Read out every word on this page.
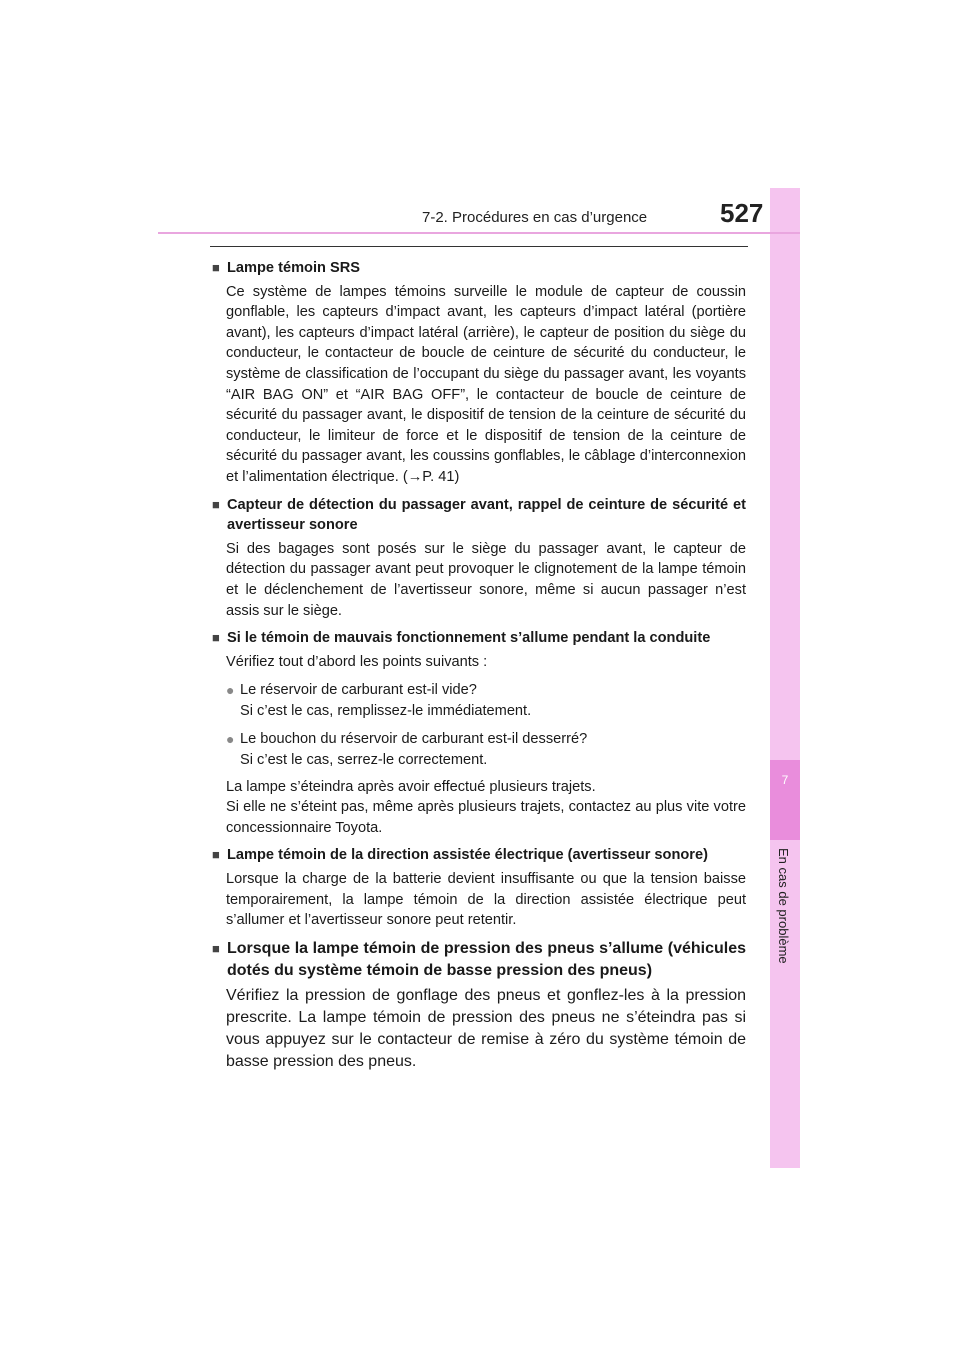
7
En cas de problème
7-2. Procédures en cas d’urgence	527
■ Lampe témoin SRS
Ce système de lampes témoins surveille le module de capteur de coussin gonflable, les capteurs d’impact avant, les capteurs d’impact latéral (portière avant), les capteurs d’impact latéral (arrière), le capteur de position du siège du conducteur, le contacteur de boucle de ceinture de sécurité du conducteur, le système de classification de l’occupant du siège du passager avant, les voyants “AIR BAG ON” et “AIR BAG OFF”, le contacteur de boucle de ceinture de sécurité du passager avant, le dispositif de tension de la ceinture de sécurité du conducteur, le limiteur de force et le dispositif de tension de la ceinture de sécurité du passager avant, les coussins gonflables, le câblage d’interconnexion et l’alimentation électrique. (→P. 41)
■ Capteur de détection du passager avant, rappel de ceinture de sécurité et avertisseur sonore
Si des bagages sont posés sur le siège du passager avant, le capteur de détection du passager avant peut provoquer le clignotement de la lampe témoin et le déclenchement de l’avertisseur sonore, même si aucun passager n’est assis sur le siège.
■ Si le témoin de mauvais fonctionnement s’allume pendant la conduite
Vérifiez tout d’abord les points suivants :
● Le réservoir de carburant est-il vide?
Si c’est le cas, remplissez-le immédiatement.
● Le bouchon du réservoir de carburant est-il desserré?
Si c’est le cas, serrez-le correctement.
La lampe s’éteindra après avoir effectué plusieurs trajets.
Si elle ne s’éteint pas, même après plusieurs trajets, contactez au plus vite votre concessionnaire Toyota.
■ Lampe témoin de la direction assistée électrique (avertisseur sonore)
Lorsque la charge de la batterie devient insuffisante ou que la tension baisse temporairement, la lampe témoin de la direction assistée électrique peut s’allumer et l’avertisseur sonore peut retentir.
■ Lorsque la lampe témoin de pression des pneus s’allume (véhicules dotés du système témoin de basse pression des pneus)
Vérifiez la pression de gonflage des pneus et gonflez-les à la pression prescrite. La lampe témoin de pression des pneus ne s’éteindra pas si vous appuyez sur le contacteur de remise à zéro du système témoin de basse pression des pneus.
